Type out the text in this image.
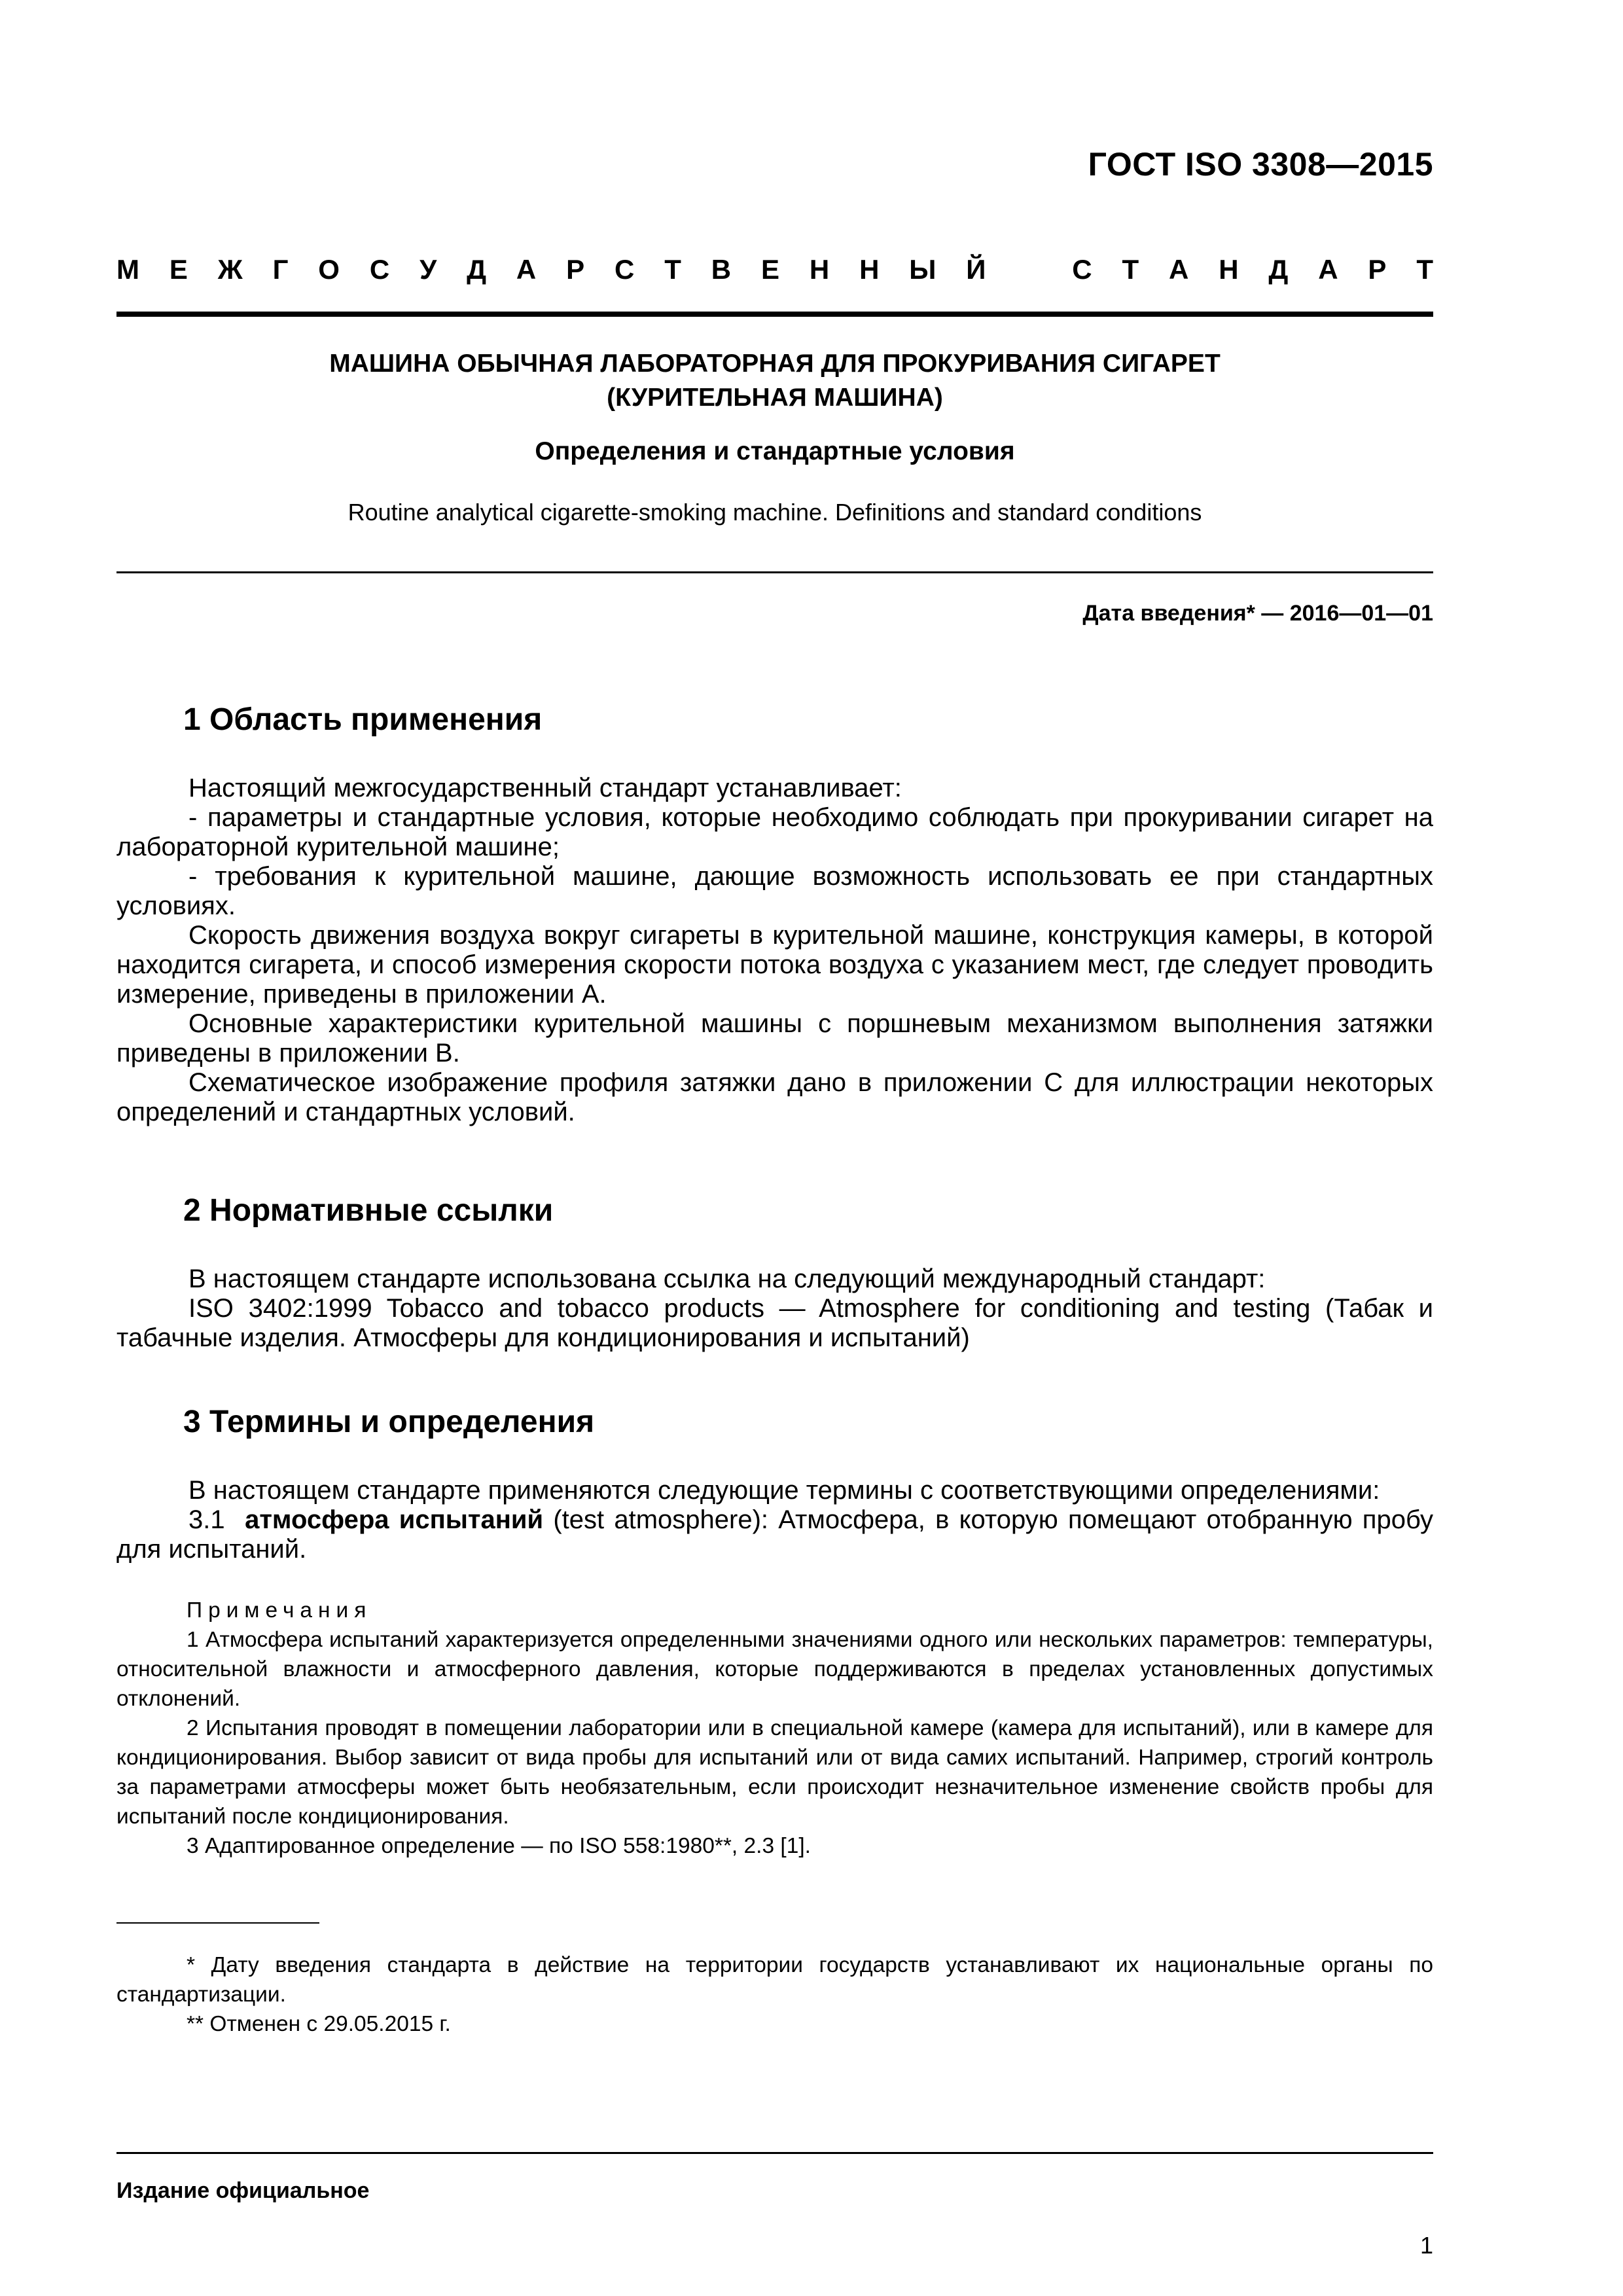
ГОСТ ISO 3308—2015
М Е Ж Г О С У Д А Р С Т В Е Н Н Ы Й	С Т А Н Д А Р Т
МАШИНА ОБЫЧНАЯ ЛАБОРАТОРНАЯ ДЛЯ ПРОКУРИВАНИЯ СИГАРЕТ
(КУРИТЕЛЬНАЯ МАШИНА)
Определения и стандартные условия
Routine analytical cigarette-smoking machine. Definitions and standard conditions
Дата введения* — 2016—01—01
1 Область применения

Настоящий межгосударственный стандарт устанавливает:

- параметры и стандартные условия, которые необходимо соблюдать при прокуривании сигарет на лабораторной курительной машине;

- требования к курительной машине, дающие возможность использовать ее при стандартных условиях.

Скорость движения воздуха вокруг сигареты в курительной машине, конструкция камеры, в которой находится сигарета, и способ измерения скорости потока воздуха с указанием мест, где следует проводить измерение, приведены в приложении А.

Основные характеристики курительной машины с поршневым механизмом выполнения затяжки приведены в приложении В.

Схематическое изображение профиля затяжки дано в приложении С для иллюстрации некоторых определений и стандартных условий.

2 Нормативные ссылки

В настоящем стандарте использована ссылка на следующий международный стандарт:

ISO 3402:1999 Tobacco and tobacco products — Atmosphere for conditioning and testing (Табак и табачные изделия. Атмосферы для кондиционирования и испытаний)

3 Термины и определения

В настоящем стандарте применяются следующие термины с соответствующими определениями:

3.1 атмосфера испытаний (test atmosphere): Атмосфера, в которую помещают отобранную пробу для испытаний.

Примечания

1 Атмосфера испытаний характеризуется определенными значениями одного или нескольких параметров: температуры, относительной влажности и атмосферного давления, которые поддерживаются в пределах установленных допустимых отклонений.

2 Испытания проводят в помещении лаборатории или в специальной камере (камера для испытаний), или в камере для кондиционирования. Выбор зависит от вида пробы для испытаний или от вида самих испытаний. Например, строгий контроль за параметрами атмосферы может быть необязательным, если происходит незначительное изменение свойств пробы для испытаний после кондиционирования.

3 Адаптированное определение — по ISO 558:1980**, 2.3 [1].

* Дату введения стандарта в действие на территории государств устанавливают их национальные органы по стандартизации.

** Отменен с 29.05.2015 г.

Издание официальное
1
